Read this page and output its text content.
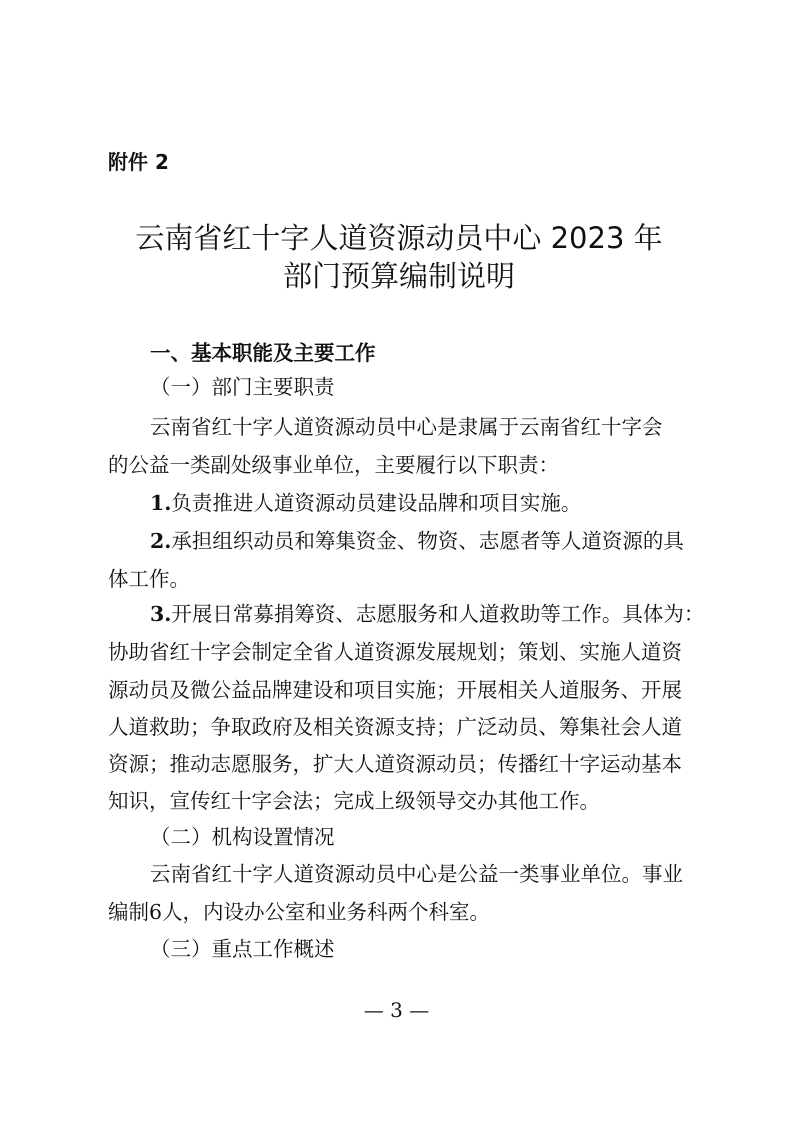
附件 2
云南省红十字人道资源动员中心 2023 年
部门预算编制说明
一、基本职能及主要工作
（一）部门主要职责
云南省红十字人道资源动员中心是隶属于云南省红十字会
的公益一类副处级事业单位，主要履行以下职责：
1.负责推进人道资源动员建设品牌和项目实施。
2.承担组织动员和筹集资金、物资、志愿者等人道资源的具
体工作。
3.开展日常募捐筹资、志愿服务和人道救助等工作。具体为：
协助省红十字会制定全省人道资源发展规划；策划、实施人道资
源动员及微公益品牌建设和项目实施；开展相关人道服务、开展
人道救助；争取政府及相关资源支持；广泛动员、筹集社会人道
资源；推动志愿服务，扩大人道资源动员；传播红十字运动基本
知识，宣传红十字会法；完成上级领导交办其他工作。
（二）机构设置情况
云南省红十字人道资源动员中心是公益一类事业单位。事业
编制6人，内设办公室和业务科两个科室。
（三）重点工作概述
— 3 —
